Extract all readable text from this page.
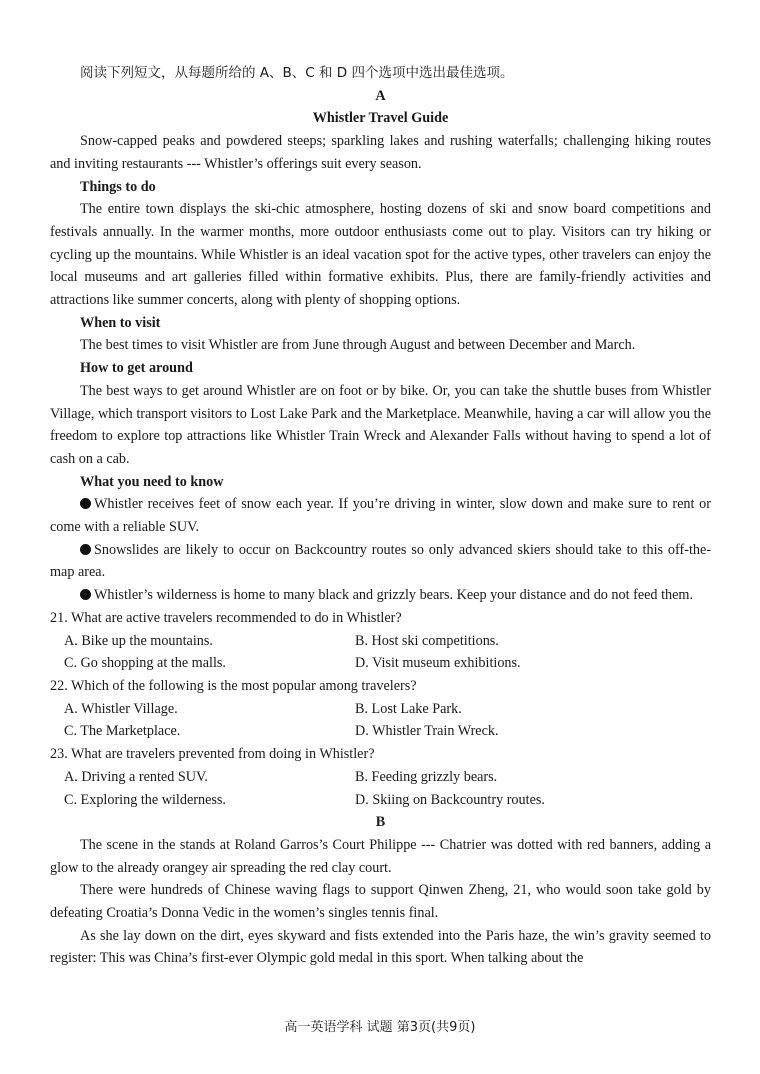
阅读下列短文，从每题所给的 A、B、C 和 D 四个选项中选出最佳选项。

A

Whistler Travel Guide

Snow-capped peaks and powdered steeps; sparkling lakes and rushing waterfalls; challenging hiking routes and inviting restaurants --- Whistler’s offerings suit every season.

Things to do

The entire town displays the ski-chic atmosphere, hosting dozens of ski and snow board competitions and festivals annually. In the warmer months, more outdoor enthusiasts come out to play. Visitors can try hiking or cycling up the mountains. While Whistler is an ideal vacation spot for the active types, other travelers can enjoy the local museums and art galleries filled within formative exhibits. Plus, there are family-friendly activities and attractions like summer concerts, along with plenty of shopping options.

When to visit

The best times to visit Whistler are from June through August and between December and March.

How to get around

The best ways to get around Whistler are on foot or by bike. Or, you can take the shuttle buses from Whistler Village, which transport visitors to Lost Lake Park and the Marketplace. Meanwhile, having a car will allow you the freedom to explore top attractions like Whistler Train Wreck and Alexander Falls without having to spend a lot of cash on a cab.

What you need to know

Whistler receives feet of snow each year. If you’re driving in winter, slow down and make sure to rent or come with a reliable SUV.

Snowslides are likely to occur on Backcountry routes so only advanced skiers should take to this off-the-map area.

Whistler’s wilderness is home to many black and grizzly bears. Keep your distance and do not feed them.

21. What are active travelers recommended to do in Whistler?

A. Bike up the mountains.	B. Host ski competitions.
C. Go shopping at the malls.	D. Visit museum exhibitions.

22. Which of the following is the most popular among travelers?

A. Whistler Village.	B. Lost Lake Park.
C. The Marketplace.	D. Whistler Train Wreck.

23. What are travelers prevented from doing in Whistler?

A. Driving a rented SUV.	B. Feeding grizzly bears.
C. Exploring the wilderness.	D. Skiing on Backcountry routes.

B

The scene in the stands at Roland Garros’s Court Philippe --- Chatrier was dotted with red banners, adding a glow to the already orangey air spreading the red clay court.

There were hundreds of Chinese waving flags to support Qinwen Zheng, 21, who would soon take gold by defeating Croatia’s Donna Vedic in the women’s singles tennis final.

As she lay down on the dirt, eyes skyward and fists extended into the Paris haze, the win’s gravity seemed to register: This was China’s first-ever Olympic gold medal in this sport. When talking about the

高一英语学科 试题 第3页(共9页)
